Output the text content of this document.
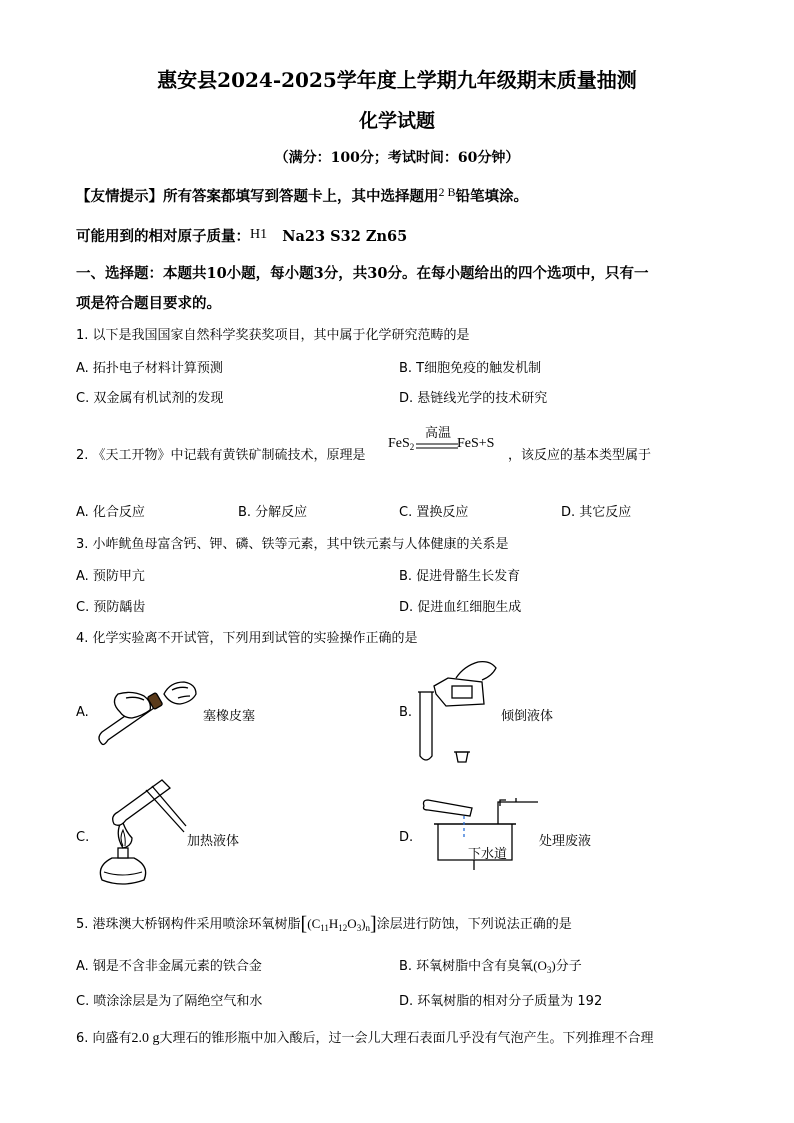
惠安县2024-2025学年度上学期九年级期末质量抽测
化学试题
（满分：100分；考试时间：60分钟）
【友情提示】所有答案都填写到答题卡上，其中选择题用$^{2 B}$铅笔填涂。
可能用到的相对原子质量：H1 Na23 S32 Zn65
一、选择题：本题共10小题，每小题3分，共30分。在每小题给出的四个选项中，只有一
项是符合题目要求的。
1. 以下是我国国家自然科学奖获奖项目，其中属于化学研究范畴的是
A. 拓扑电子材料计算预测	B. T细胞免疫的触发机制
C. 双金属有机试剂的发现	D. 悬链线光学的技术研究
2. 《天工开物》中记载有黄铁矿制硫技术，原理是
FeS$_2$
高温
FeS+S
，该反应的基本类型属于
A. 化合反应	B. 分解反应	C. 置换反应	D. 其它反应
3. 小岞鱿鱼母富含钙、钾、磷、铁等元素，其中铁元素与人体健康的关系是
A. 预防甲亢	B. 促进骨骼生长发育
C. 预防龋齿	D. 促进血红细胞生成
4. 化学实验离不开试管，下列用到试管的实验操作正确的是
A.	塞橡皮塞	B.	倾倒液体
C.	加热液体	D.
下水道
处理废液
5. 港珠澳大桥钢构件采用喷涂环氧树脂$[(C_{11}H_{12}O_3)_n]$涂层进行防蚀，下列说法正确的是
A. 钢是不含非金属元素的铁合金	B. 环氧树脂中含有臭氧$(O_3)$分子
C. 喷涂涂层是为了隔绝空气和水	D. 环氧树脂的相对分子质量为 192
6. 向盛有2.0 g大理石的锥形瓶中加入酸后，过一会儿大理石表面几乎没有气泡产生。下列推理不合理
